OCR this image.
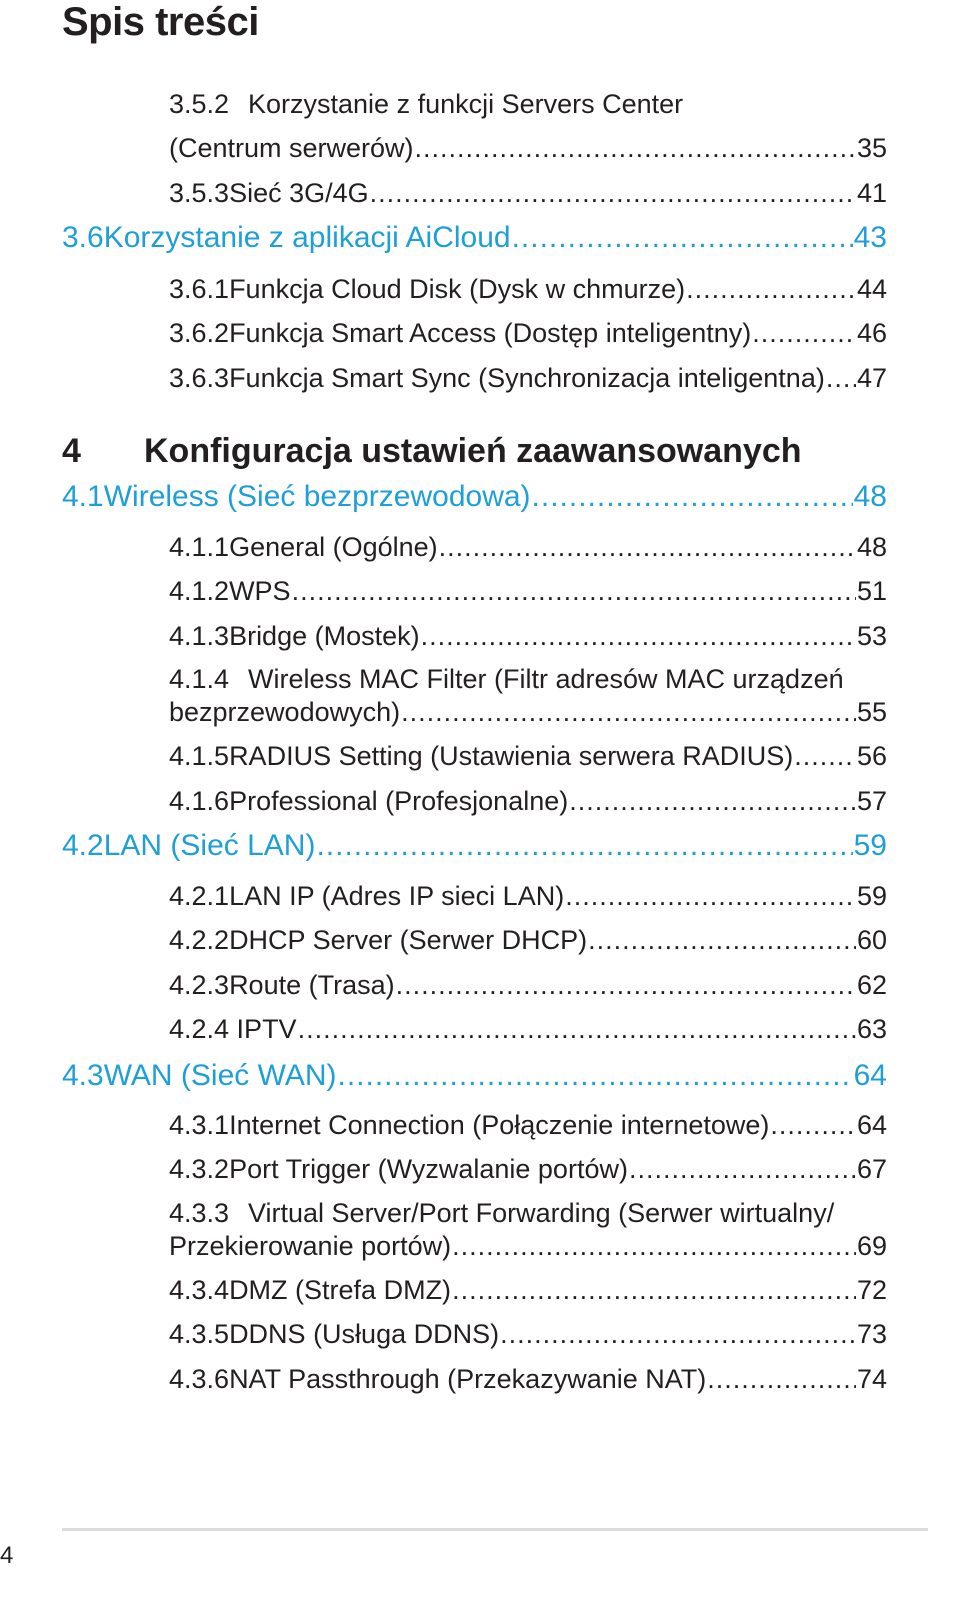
Spis treści
3.5.2 Korzystanie z funkcji Servers Center
(Centrum serwerów) .....	35
3.5.3 Sieć 3G/4G .....	41
3.6 Korzystanie z aplikacji AiCloud .....	43
3.6.1 Funkcja Cloud Disk (Dysk w chmurze) .....	44
3.6.2 Funkcja Smart Access (Dostęp inteligentny) .....	46
3.6.3 Funkcja Smart Sync (Synchronizacja inteligentna) ..... 47
4 Konfiguracja ustawień zaawansowanych
4.1 Wireless (Sieć bezprzewodowa) .....	48
4.1.1 General (Ogólne) .....	48
4.1.2 WPS .....	51
4.1.3 Bridge (Mostek) .....	53
4.1.4 Wireless MAC Filter (Filtr adresów MAC urządzeń
bezprzewodowych) .....	55
4.1.5 RADIUS Setting (Ustawienia serwera RADIUS) ..... 56
4.1.6 Professional (Profesjonalne) .....	57
4.2 LAN (Sieć LAN) .....	59
4.2.1 LAN IP (Adres IP sieci LAN) .....	59
4.2.2 DHCP Server (Serwer DHCP) .....	60
4.2.3 Route (Trasa) .....	62
4.2.4 IPTV .....	63
4.3 WAN (Sieć WAN) .....	64
4.3.1 Internet Connection (Połączenie internetowe) .....	64
4.3.2 Port Trigger (Wyzwalanie portów) .....	67
4.3.3 Virtual Server/Port Forwarding (Serwer wirtualny/
Przekierowanie portów) .....	69
4.3.4 DMZ (Strefa DMZ) .....	72
4.3.5 DDNS (Usługa DDNS) .....	73
4.3.6 NAT Passthrough (Przekazywanie NAT) .....	74
4
